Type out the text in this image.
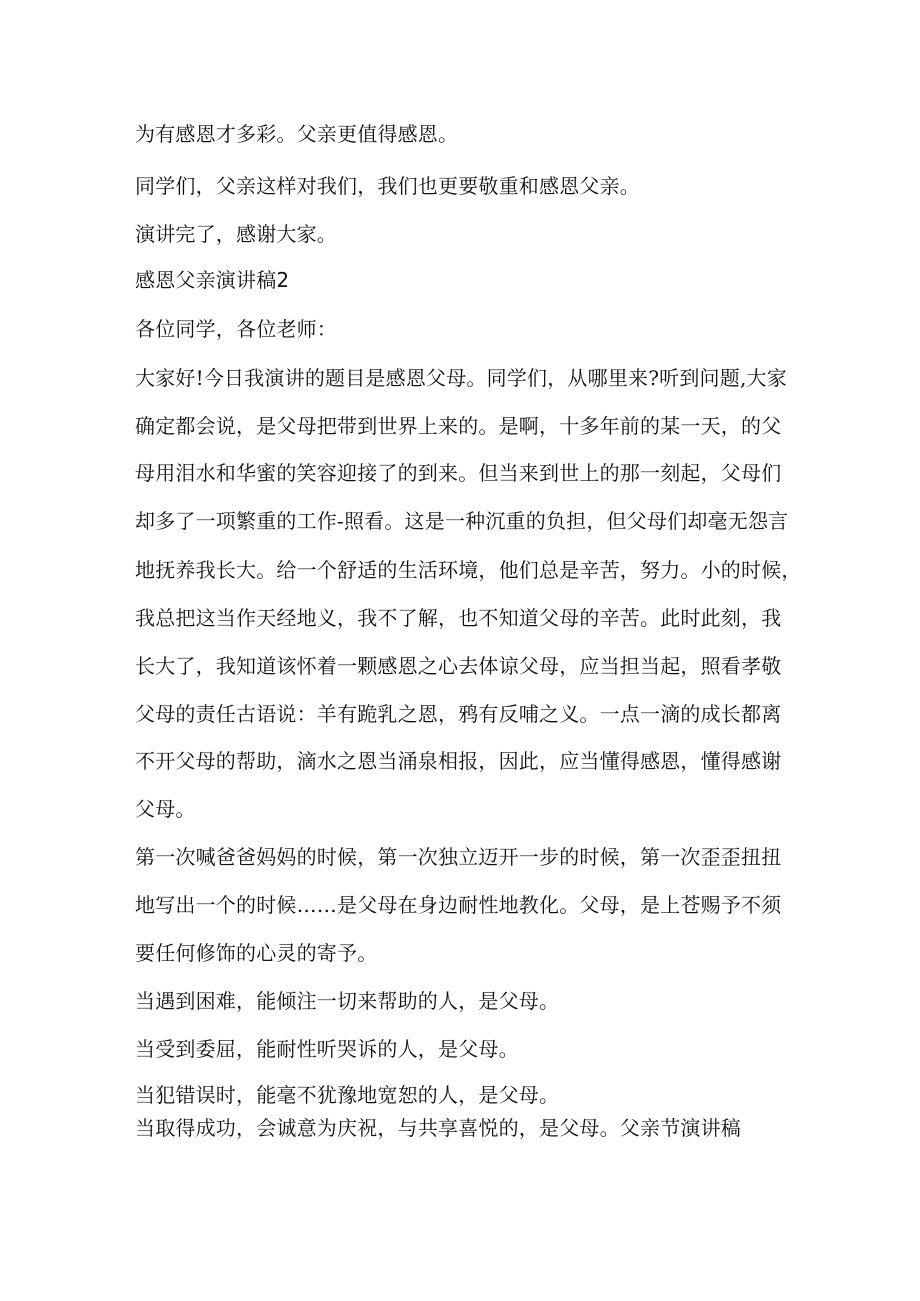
为有感恩才多彩。父亲更值得感恩。
同学们，父亲这样对我们，我们也更要敬重和感恩父亲。
演讲完了，感谢大家。
感恩父亲演讲稿2
各位同学，各位老师：
大家好!今日我演讲的题目是感恩父母。同学们，从哪里来?听到问题,大家
确定都会说，是父母把带到世界上来的。是啊，十多年前的某一天，的父
母用泪水和华蜜的笑容迎接了的到来。但当来到世上的那一刻起，父母们
却多了一项繁重的工作-照看。这是一种沉重的负担，但父母们却毫无怨言
地抚养我长大。给一个舒适的生活环境，他们总是辛苦，努力。小的时候，
我总把这当作天经地义，我不了解，也不知道父母的辛苦。此时此刻，我
长大了，我知道该怀着一颗感恩之心去体谅父母，应当担当起，照看孝敬
父母的责任古语说：羊有跪乳之恩，鸦有反哺之义。一点一滴的成长都离
不开父母的帮助，滴水之恩当涌泉相报，因此，应当懂得感恩，懂得感谢
父母。
第一次喊爸爸妈妈的时候，第一次独立迈开一步的时候，第一次歪歪扭扭
地写出一个的时候……是父母在身边耐性地教化。父母，是上苍赐予不须
要任何修饰的心灵的寄予。
当遇到困难，能倾注一切来帮助的人，是父母。
当受到委屈，能耐性听哭诉的人，是父母。
当犯错误时，能毫不犹豫地宽恕的人，是父母。
当取得成功，会诚意为庆祝，与共享喜悦的，是父母。父亲节演讲稿
